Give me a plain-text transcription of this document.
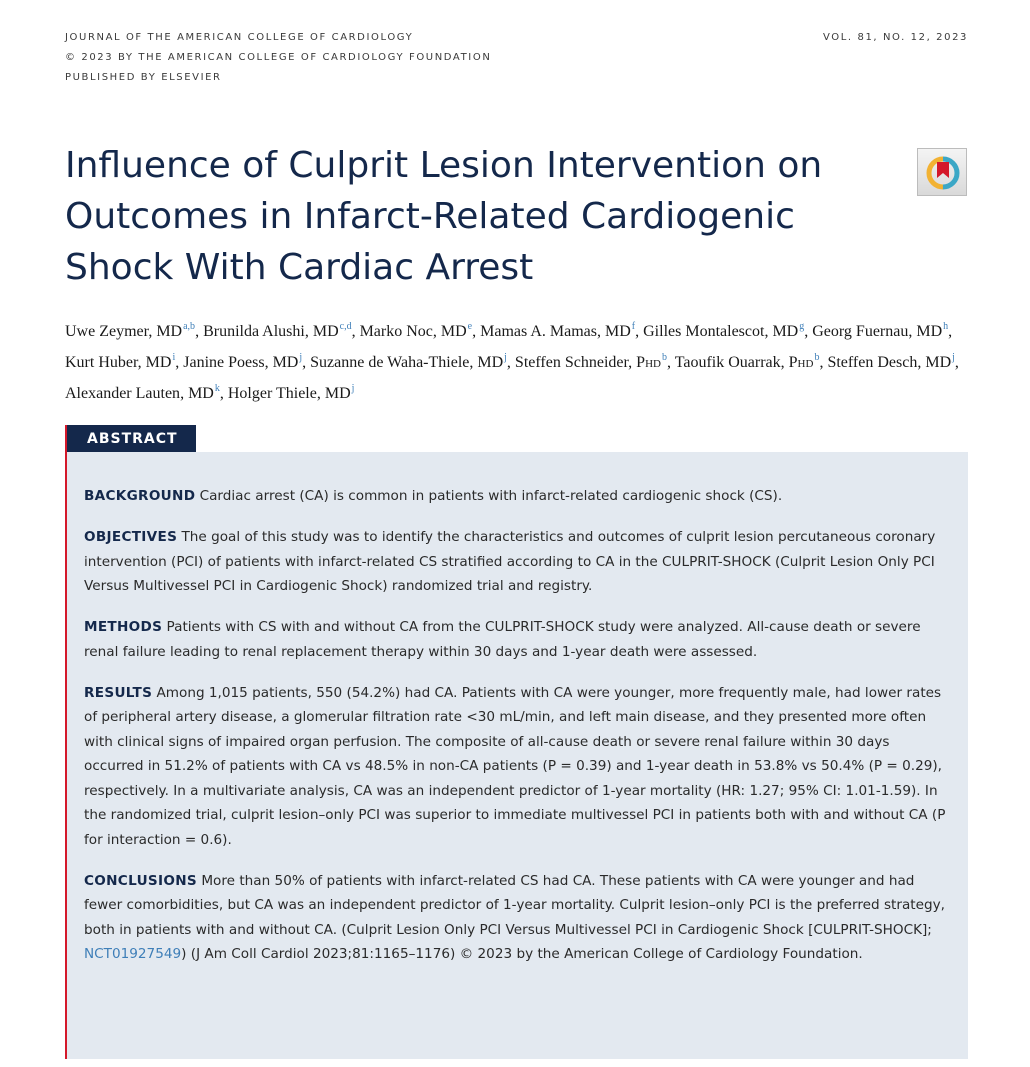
JOURNAL OF THE AMERICAN COLLEGE OF CARDIOLOGY
© 2023 BY THE AMERICAN COLLEGE OF CARDIOLOGY FOUNDATION
PUBLISHED BY ELSEVIER
VOL. 81, NO. 12, 2023
Influence of Culprit Lesion Intervention on Outcomes in Infarct-Related Cardiogenic Shock With Cardiac Arrest
Uwe Zeymer, MD$^{a,b}$, Brunilda Alushi, MD$^{c,d}$, Marko Noc, MDe, Mamas A. Mamas, $MD^f$, Gilles Montalescot, $MD^g$, Georg Fuernau, $MD^h$, Kurt Huber, $MD^i$, Janine Poess, $MD^j$, Suzanne de Waha-Thiele, $MD^j$, Steffen Schneider, Phd$^b$, Taoufik Ouarrak, Phd$^b$, Steffen Desch, $MD^j$, Alexander Lauten, $MD^k$, Holger Thiele, $MD^j$
ABSTRACT

BACKGROUND Cardiac arrest (CA) is common in patients with infarct-related cardiogenic shock (CS).

OBJECTIVES The goal of this study was to identify the characteristics and outcomes of culprit lesion percutaneous coronary intervention (PCI) of patients with infarct-related CS stratified according to CA in the CULPRIT-SHOCK (Culprit Lesion Only PCI Versus Multivessel PCI in Cardiogenic Shock) randomized trial and registry.

METHODS Patients with CS with and without CA from the CULPRIT-SHOCK study were analyzed. All-cause death or severe renal failure leading to renal replacement therapy within 30 days and 1-year death were assessed.

RESULTS Among 1,015 patients, 550 (54.2%) had CA. Patients with CA were younger, more frequently male, had lower rates of peripheral artery disease, a glomerular filtration rate <30 mL/min, and left main disease, and they presented more often with clinical signs of impaired organ perfusion. The composite of all-cause death or severe renal failure within 30 days occurred in 51.2% of patients with CA vs 48.5% in non-CA patients (P = 0.39) and 1-year death in 53.8% vs 50.4% (P = 0.29), respectively. In a multivariate analysis, CA was an independent predictor of 1-year mortality (HR: 1.27; 95% CI: 1.01-1.59). In the randomized trial, culprit lesion–only PCI was superior to immediate multivessel PCI in patients both with and without CA (P for interaction = 0.6).

CONCLUSIONS More than 50% of patients with infarct-related CS had CA. These patients with CA were younger and had fewer comorbidities, but CA was an independent predictor of 1-year mortality. Culprit lesion–only PCI is the preferred strategy, both in patients with and without CA. (Culprit Lesion Only PCI Versus Multivessel PCI in Cardiogenic Shock [CULPRIT-SHOCK]; NCT01927549) (J Am Coll Cardiol 2023;81:1165–1176) © 2023 by the American College of Cardiology Foundation.
